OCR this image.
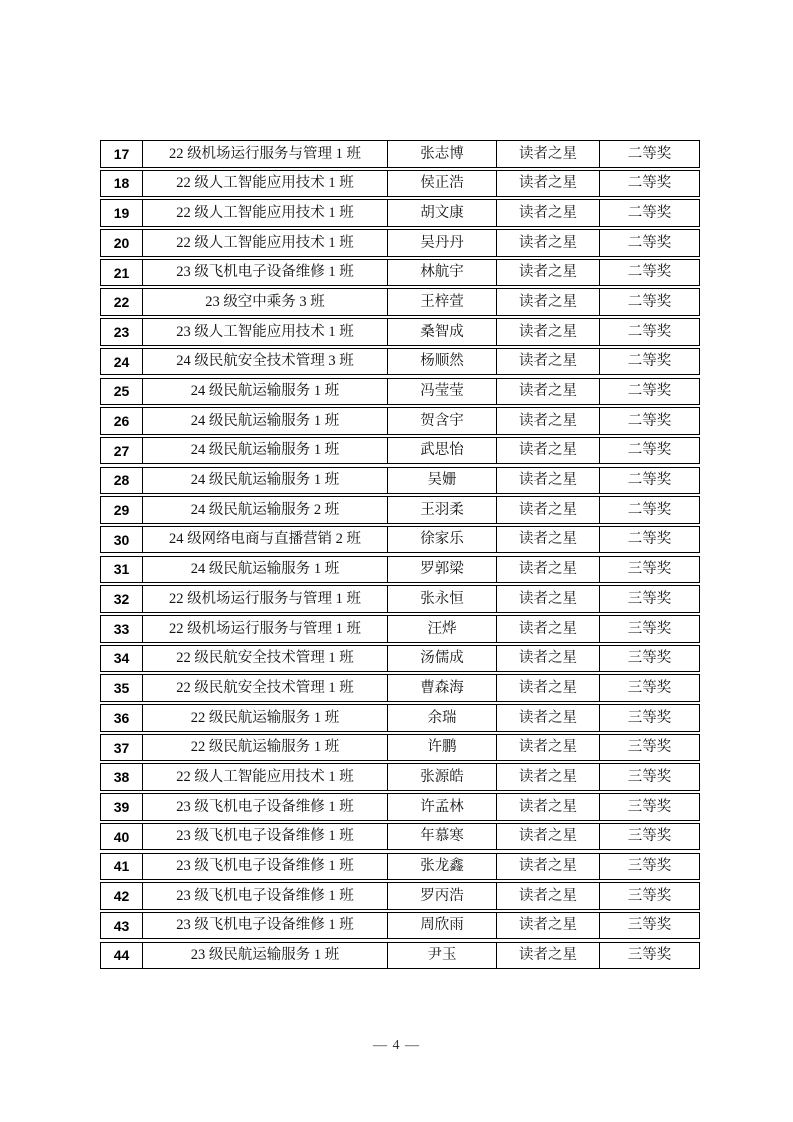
17	22 级机场运行服务与管理 1 班	张志博	读者之星	二等奖
18	22 级人工智能应用技术 1 班	侯正浩	读者之星	二等奖
19	22 级人工智能应用技术 1 班	胡文康	读者之星	二等奖
20	22 级人工智能应用技术 1 班	吴丹丹	读者之星	二等奖
21	23 级飞机电子设备维修 1 班	林航宇	读者之星	二等奖
22	23 级空中乘务 3 班	王梓萱	读者之星	二等奖
23	23 级人工智能应用技术 1 班	桑智成	读者之星	二等奖
24	24 级民航安全技术管理 3 班	杨顺然	读者之星	二等奖
25	24 级民航运输服务 1 班	冯莹莹	读者之星	二等奖
26	24 级民航运输服务 1 班	贺含宇	读者之星	二等奖
27	24 级民航运输服务 1 班	武思怡	读者之星	二等奖
28	24 级民航运输服务 1 班	吴姗	读者之星	二等奖
29	24 级民航运输服务 2 班	王羽柔	读者之星	二等奖
30	24 级网络电商与直播营销 2 班	徐家乐	读者之星	二等奖
31	24 级民航运输服务 1 班	罗郭梁	读者之星	三等奖
32	22 级机场运行服务与管理 1 班	张永恒	读者之星	三等奖
33	22 级机场运行服务与管理 1 班	汪烨	读者之星	三等奖
34	22 级民航安全技术管理 1 班	汤儒成	读者之星	三等奖
35	22 级民航安全技术管理 1 班	曹森海	读者之星	三等奖
36	22 级民航运输服务 1 班	余瑞	读者之星	三等奖
37	22 级民航运输服务 1 班	许鹏	读者之星	三等奖
38	22 级人工智能应用技术 1 班	张源皓	读者之星	三等奖
39	23 级飞机电子设备维修 1 班	许孟林	读者之星	三等奖
40	23 级飞机电子设备维修 1 班	年慕寒	读者之星	三等奖
41	23 级飞机电子设备维修 1 班	张龙鑫	读者之星	三等奖
42	23 级飞机电子设备维修 1 班	罗丙浩	读者之星	三等奖
43	23 级飞机电子设备维修 1 班	周欣雨	读者之星	三等奖
44	23 级民航运输服务 1 班	尹玉	读者之星	三等奖
— 4 —
